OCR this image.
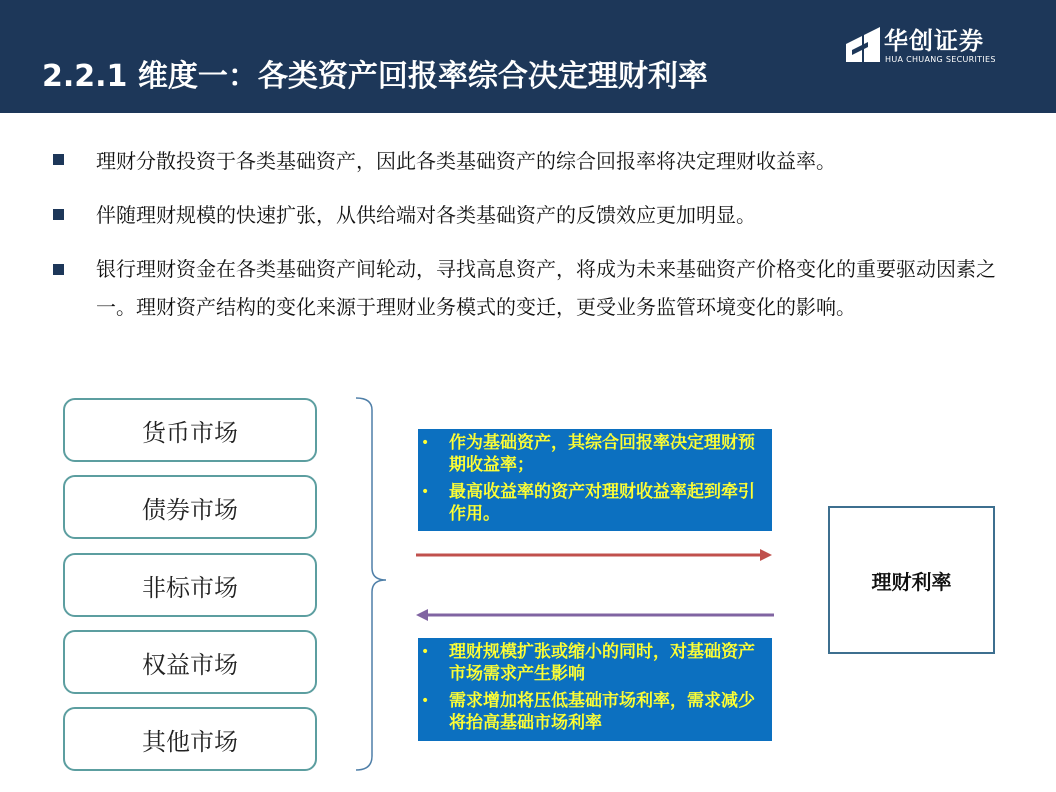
2.2.1 维度一：各类资产回报率综合决定理财利率
华创证券
HUA CHUANG SECURITIES
理财分散投资于各类基础资产，因此各类基础资产的综合回报率将决定理财收益率。
伴随理财规模的快速扩张，从供给端对各类基础资产的反馈效应更加明显。
银行理财资金在各类基础资产间轮动，寻找高息资产，将成为未来基础资产价格变化的重要驱动因素之一。理财资产结构的变化来源于理财业务模式的变迁，更受业务监管环境变化的影响。
货币市场
债券市场
非标市场
权益市场
其他市场
• 作为基础资产，其综合回报率决定理财预期收益率；
• 最高收益率的资产对理财收益率起到牵引作用。
• 理财规模扩张或缩小的同时，对基础资产市场需求产生影响
• 需求增加将压低基础市场利率，需求减少将抬高基础市场利率
理财利率
